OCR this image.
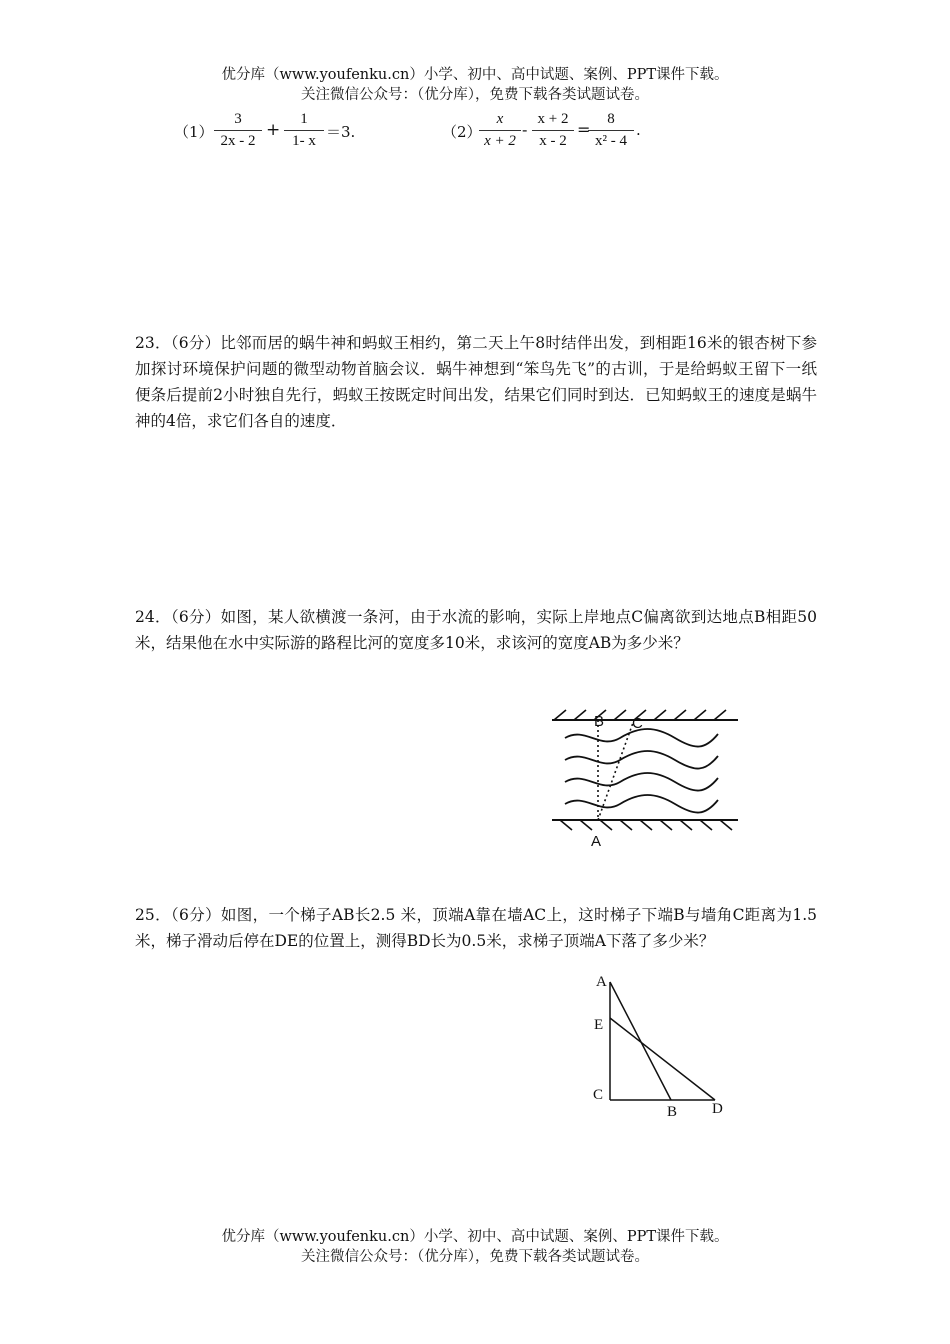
优分库（www.youfenku.cn）小学、初中、高中试题、案例、PPT课件下载。
关注微信公众号：（优分库），免费下载各类试题试卷。
$(1) \frac{3}{2x - 2} + \frac{1}{1- x} =3$.	（2）
$\frac{x}{x + 2} - \frac{x + 2}{x - 2}$ =
$\frac{8}{\text{x² - 4}}$ .
23．（6分）比邻而居的蜗牛神和蚂蚁王相约，第二天上午8时结伴出发，到相距16米的银杏树下参加探讨环境保护问题的微型动物首脑会议．蜗牛神想到“笨鸟先飞”的古训，于是给蚂蚁王留下一纸便条后提前2小时独自先行，蚂蚁王按既定时间出发，结果它们同时到达．已知蚂蚁王的速度是蜗牛神的4倍，求它们各自的速度．
24．（6分）如图，某人欲横渡一条河，由于水流的影响，实际上岸地点C偏离欲到达地点B相距50米，结果他在水中实际游的路程比河的宽度多10米，求该河的宽度AB为多少米？
B C
A
25．（6分）如图，一个梯子AB长2.5 米，顶端A靠在墙AC上，这时梯子下端B与墙角C距离为1.5米，梯子滑动后停在DE的位置上，测得BD长为0.5米，求梯子顶端A下落了多少米？
A
E
C
B D
优分库（www.youfenku.cn）小学、初中、高中试题、案例、PPT课件下载。
关注微信公众号：（优分库），免费下载各类试题试卷。
